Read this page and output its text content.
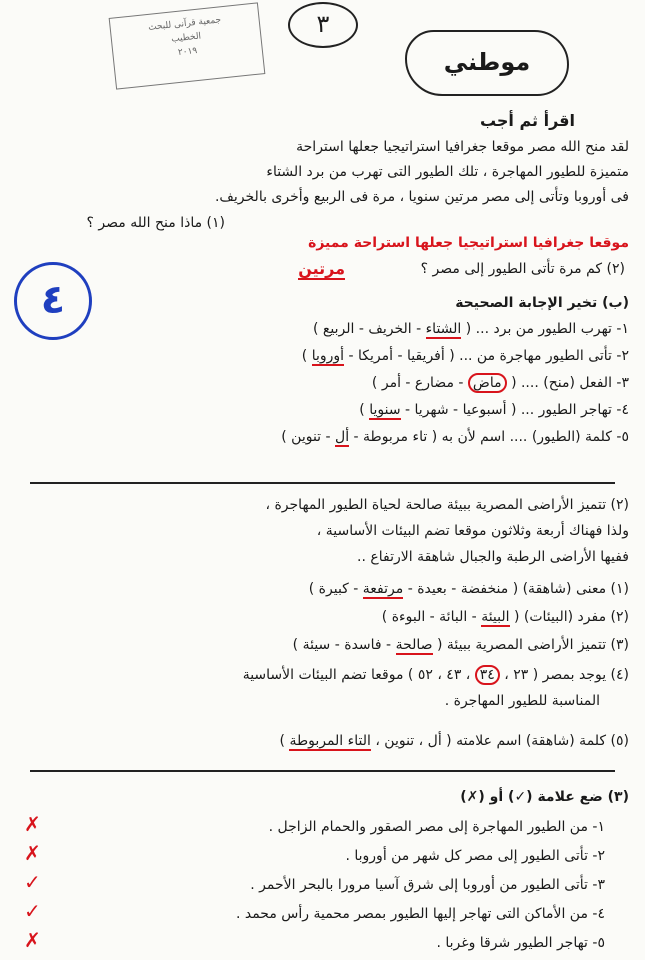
جمعية قرآنى للبحث
الخطيب
٢٠١٩
٣
موطني
اقرأ ثم أجب
لقد منح الله مصر موقعا جغرافيا استراتيجيا جعلها استراحة
متميزة للطيور المهاجرة ، تلك الطيور التى تهرب من برد الشتاء
فى أوروبا وتأتى إلى مصر مرتين سنويا ، مرة فى الربيع وأخرى بالخريف.
(١) ماذا منح الله مصر ؟
موقعا جغرافيا استراتيجيا جعلها استراحة مميزة
(٢) كم مرة تأتى الطيور إلى مصر ؟
مرتين
٤	(ب) تخير الإجابة الصحيحة
١- تهرب الطيور من برد ... ( الشتاء - الخريف - الربيع )
٢- تأتى الطيور مهاجرة من ... ( أفريقيا - أمريكا - أوروبا )
٣- الفعل (منح) .... ( ماض - مضارع - أمر )
٤- تهاجر الطيور ... ( أسبوعيا - شهريا - سنويا )
٥- كلمة (الطيور) .... اسم لأن به ( تاء مربوطة - أل - تنوين )
(٢) تتميز الأراضى المصرية ببيئة صالحة لحياة الطيور المهاجرة ،
ولذا فهناك أربعة وثلاثون موقعا تضم البيئات الأساسية ،
ففيها الأراضى الرطبة والجبال شاهقة الارتفاع ..
(١) معنى (شاهقة) ( منخفضة - بعيدة - مرتفعة - كبيرة )
(٢) مفرد (البيئات) ( البيئة - البائة - البوءة )
(٣) تتميز الأراضى المصرية ببيئة ( صالحة - فاسدة - سيئة )
(٤) يوجد بمصر ( ٢٣ ، ٣٤ ، ٤٣ ، ٥٢ ) موقعا تضم البيئات الأساسية
المناسبة للطيور المهاجرة .
(٥) كلمة (شاهقة) اسم علامته ( أل ، تنوين ، التاء المربوطة )
(٣) ضع علامة (✓) أو (✗)
١- من الطيور المهاجرة إلى مصر الصقور والحمام الزاجل .
✗
٢- تأتى الطيور إلى مصر كل شهر من أوروبا .
✗
٣- تأتى الطيور من أوروبا إلى شرق آسيا مرورا بالبحر الأحمر .
✓
٤- من الأماكن التى تهاجر إليها الطيور بمصر محمية رأس محمد .
✓
٥- تهاجر الطيور شرقا وغربا .
✗
